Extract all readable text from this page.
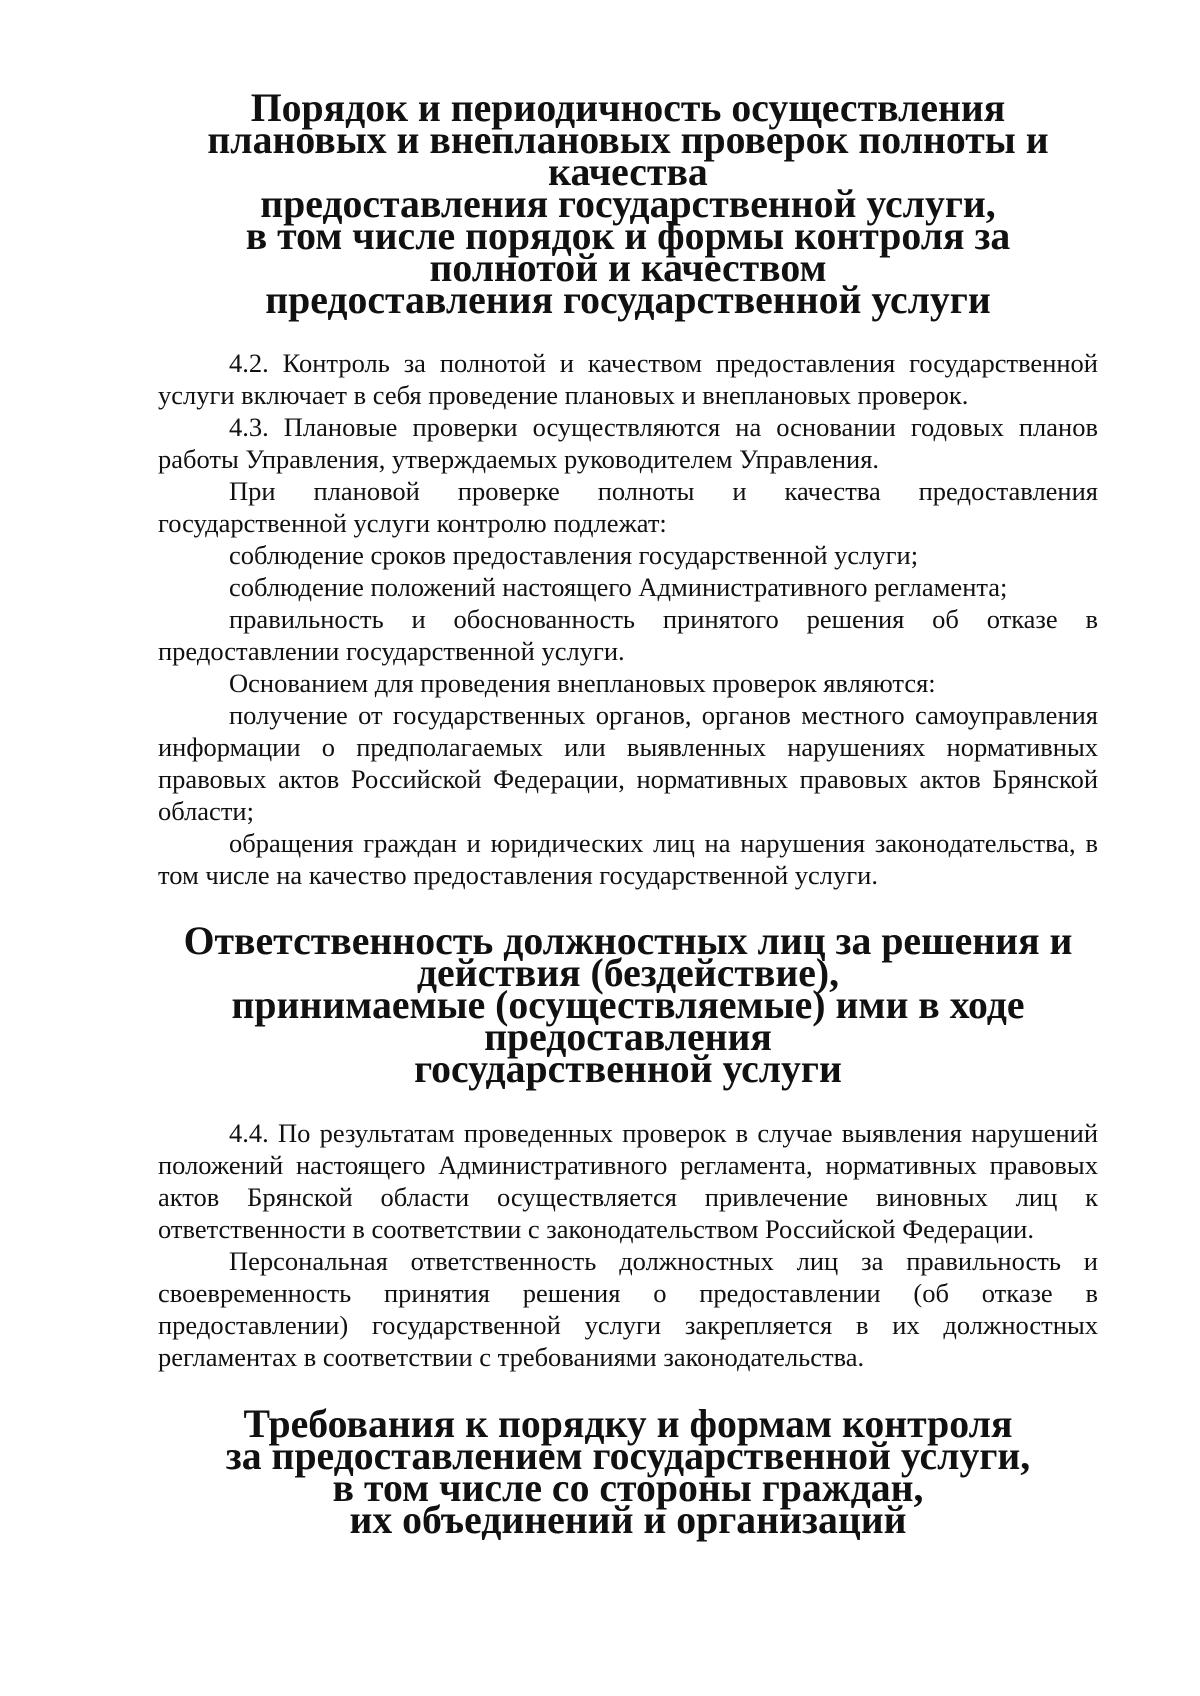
Порядок и периодичность осуществления
плановых и внеплановых проверок полноты и качества
предоставления государственной услуги,
в том числе порядок и формы контроля за полнотой и качеством
предоставления государственной услуги

4.2. Контроль за полнотой и качеством предоставления государственной услуги включает в себя проведение плановых и внеплановых проверок.

4.3. Плановые проверки осуществляются на основании годовых планов работы Управления, утверждаемых руководителем Управления.

При плановой проверке полноты и качества предоставления государственной услуги контролю подлежат:

соблюдение сроков предоставления государственной услуги;

соблюдение положений настоящего Административного регламента;

правильность и обоснованность принятого решения об отказе в предоставлении государственной услуги.

Основанием для проведения внеплановых проверок являются:

получение от государственных органов, органов местного самоуправления информации о предполагаемых или выявленных нарушениях нормативных правовых актов Российской Федерации, нормативных правовых актов Брянской области;

обращения граждан и юридических лиц на нарушения законодательства, в том числе на качество предоставления государственной услуги.

Ответственность должностных лиц за решения и действия (бездействие),
принимаемые (осуществляемые) ими в ходе предоставления
государственной услуги

4.4. По результатам проведенных проверок в случае выявления нарушений положений настоящего Административного регламента, нормативных правовых актов Брянской области осуществляется привлечение виновных лиц к ответственности в соответствии с законодательством Российской Федерации.

Персональная ответственность должностных лиц за правильность и своевременность принятия решения о предоставлении (об отказе в предоставлении) государственной услуги закрепляется в их должностных регламентах в соответствии с требованиями законодательства.

Требования к порядку и формам контроля
за предоставлением государственной услуги,
в том числе со стороны граждан,
их объединений и организаций
